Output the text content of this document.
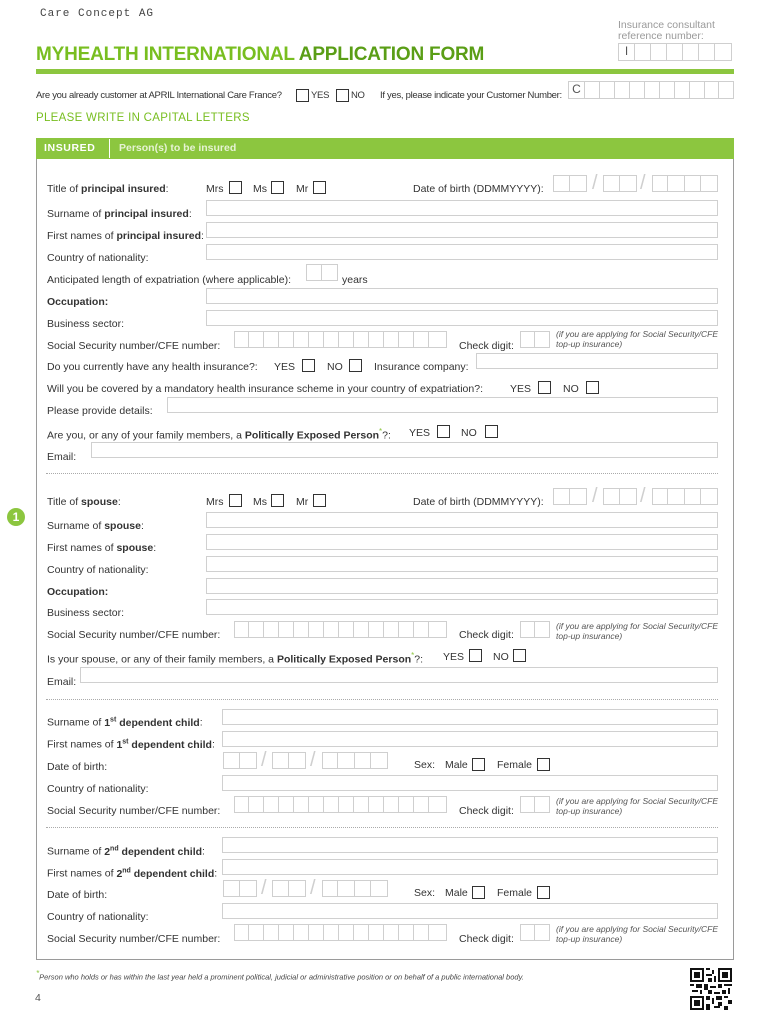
Care Concept AG
Insurance consultant reference number:
I
MYHEALTH INTERNATIONAL APPLICATION FORM
Are you already customer at APRIL International Care France?	YES NO If yes, please indicate your Customer Number: C
PLEASE WRITE IN CAPITAL LETTERS
INSURED Person(s) to be insured
1
Title of principal insured:	Mrs	Ms	Mr	Date of birth (DDMMYYYY): / /
Surname of principal insured:
First names of principal insured:
Country of nationality:
Anticipated length of expatriation (where applicable):	years
Occupation:
Business sector:
Social Security number/CFE number:	Check digit:
(if you are applying for Social Security/CFE top-up insurance)
Do you currently have any health insurance?: YES	NO	Insurance company:
Will you be covered by a mandatory health insurance scheme in your country of expatriation?:	YES	NO
Please provide details:
Are you, or any of your family members, a Politically Exposed Person*?: YES	NO
Email:
Title of spouse:	Mrs	Ms	Mr	Date of birth (DDMMYYYY): / /
Surname of spouse:
First names of spouse:
Country of nationality:
Occupation:
Business sector:
Social Security number/CFE number:	Check digit:
(if you are applying for Social Security/CFE top-up insurance)
Is your spouse, or any of their family members, a Politically Exposed Person*?: YES	NO
Email:
Surname of 1st dependent child:
First names of 1st dependent child:
Date of birth:	/ /	Sex: Male	Female
Country of nationality:
Social Security number/CFE number:	Check digit:
(if you are applying for Social Security/CFE top-up insurance)
Surname of 2nd dependent child:
First names of 2nd dependent child:
Date of birth:	/ /	Sex: Male	Female
Country of nationality:
Social Security number/CFE number:	Check digit:
(if you are applying for Social Security/CFE top-up insurance)
*Person who holds or has within the last year held a prominent political, judicial or administrative position or on behalf of a public international body.
4
